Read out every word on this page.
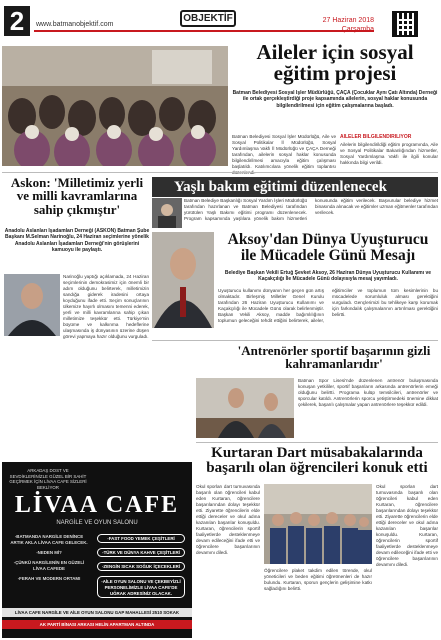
2	www.batmanobjektif.com
OBJEKTİF	27 Haziran 2018
Çarşamba
Aileler için sosyal
eğitim projesi
Batman Belediyesi Sosyal İşler Müdürlüğü, ÇAÇA (Çocuklar Aynı Çatı Altında) Derneği ile ortak gerçekleştirdiği proje kapsamında ailelerin, sosyal haklar konusunda bilgilendirilmesi için eğitim çalışmalarına başladı.
Batman Belediyesi Sosyal İşler Müdürlüğü, Aile ve Sosyal Politikalar İl Müdürlüğü, Sosyal Yardımlaşma Vakfı İl Müdürlüğü ve ÇAÇA Derneği tarafından, ailelerin sosyal haklar konusunda bilgilendirilmesi amacıyla eğitim çalışması başlatıldı. Katılımcılara yönelik eğitim toplantısı
AİLELER BİLGİLENDİRİLİYOR
Ailelerin bilgilendirildiği eğitim programında, Aile ve Sosyal Politikalar Bakanlığından hizmetler, Sosyal Yardımlaşma Vakfı ile ilgili konular hakkında bilgi verildi.
Askon: 'Milletimiz yerli ve milli kavramlarına sahip çıkmıştır'
Anadolu Aslanları İşadamları Derneği (ASKON) Batman Şube Başkanı M.Selman Narinoğlu, 24 Haziran seçimlerine yönelik Anadolu Aslanları İşadamları Derneği'nin görüşlerini kamuoyu ile paylaştı.
Narinoğlu yaptığı açıklamada, 24 Haziran seçimlerinin demokrasimiz için önemli bir adım olduğunu belirterek, milletimizin sandığa giderek iradesini ortaya koyduğunu ifade etti. Seçim sonuçlarının ülkemize hayırlı olmasını temenni ederek, yerli ve milli kavramlarına sahip çıkan milletimize teşekkür etti. Türkiye'nin büyüme ve kalkınma hedeflerine ulaşmasında iş dünyasının üzerine düşen görevi yapmaya hazır olduğunu vurguladı.
Yaşlı bakım eğitimi düzenlenecek
Batman Belediye Başkanlığı Sosyal Yardım İşleri Müdürlüğü tarafından hazırlanan ve Batman Belediyesi tarafından yürütülen Yaşlı Bakımı eğitimi programı düzenlenecek. Program kapsamında yaşlılara yönelik bakım hizmetleri konusunda eğitim verilecek. Başvurular belediye hizmet binasında alınacak ve eğitimler uzman eğitmenler tarafından verilecek.
Aksoy'dan Dünya Uyuşturucu
ile Mücadele Günü Mesajı
Belediye Başkan Vekili Ertuğ Şevket Aksoy, 26 Haziran Dünya Uyuşturucu Kullanımı ve Kaçakçılığı İle Mücadele Günü dolayısıyla mesaj yayımladı.
Uyuşturucu kullanımı dünyanın her geçen gün artış olmaktadır. Birleşmiş Milletler Genel Kurulu tarafından 26 Haziran Uyuşturucu Kullanımı ve Kaçakçılığı ile Mücadele Günü olarak belirlenmiştir. Başkan Vekili Aksoy, madde bağımlılığının toplumun geleceğini tehdit ettiğini belirterek, aileler, eğitimciler ve toplumun tüm kesimlerinin bu mücadelede sorumluluk alması gerektiğini vurguladı. Gençlerimizi bu tehlikeye karşı korumak için farkındalık çalışmalarının artırılması gerektiğini belirtti.
'Antrenörler sportif başarının gizli kahramanlarıdır'
Batman Spor Lisesi'nde düzenlenen antrenör buluşmasında konuşan yetkililer, sportif başarıların arkasında antrenörlerin emeği olduğunu belirtti. Programa kulüp temsilcileri, antrenörler ve sporcular katıldı. Antrenörlerin sporcu yetiştirmedeki önemine dikkat çekilerek, başarılı çalışmalar yapan antrenörlere teşekkür edildi.
Kurtaran Dart müsabakalarında
başarılı olan öğrencileri konuk etti
Okul sporları dart turnuvasında başarılı olan öğrencileri kabul eden Kurtaran, öğrencilere başarılarından dolayı teşekkür etti. Ziyarette öğrencilerin elde ettiği dereceler ve okul adına kazanılan başarılar konuşuldu. Kurtaran, öğrencilerin sportif faaliyetlerde desteklenmeye devam edileceğini ifade etti ve öğrencilere başarılarının devamını diledi.
Öğrencilere plaket takdim edilen törende, okul yöneticileri ve beden eğitimi öğretmenleri de hazır bulundu. Kurtaran, sporun gençlerin gelişimine katkı sağladığını belirtti.
Okul sporları dart turnuvasında başarılı olan öğrencileri kabul eden Kurtaran, öğrencilere başarılarından dolayı teşekkür etti. Ziyarette öğrencilerin elde ettiği dereceler ve okul adına kazanılan başarılar konuşuldu. Kurtaran, öğrencilerin sportif faaliyetlerde desteklenmeye devam edileceğini ifade etti ve öğrencilere başarılarının devamını diledi.
ARKADAŞ DOST VE SEVDİKLERİNİZLE GÜZEL BİR SAHİT GEÇİRMEK İÇİN LİVAA CAFE SİZLERİ BEKLİYOR
LİVAA CAFE
NARGİLE VE OYUN SALONU
-BATMANDA NARGİLE DENİNCE ARTIK AKLA LİVAA CAFE GELECEK.
-NEDEN Mİ?
-ÇÜNKÜ NARGİLENİN EN GÜZELİ LİVAA CAFEDE
-FERAH VE MODERN ORTAMI
-FAST FOOD YEMEK ÇEŞİTLERİ
-TÜRK VE DÜNYA KAHVE ÇEŞİTLERİ
-ZENGİN SICAK SOĞUK İÇECEKLERİ
-AİLE OYUN SALONU VE ÇEKBEYİZLİ PERSONELİMİZLE LİVAA CAFE'DE UĞRAK ADRESİNİZ OLACAK.
LİVAA CAFE NARGİLE VE AİLE OYUN SALONU GAP MAHALLESİ 2510 SOKAK
AK PARTİ BİNASI ARKASI HELİN APARTMAN ALTINDA
